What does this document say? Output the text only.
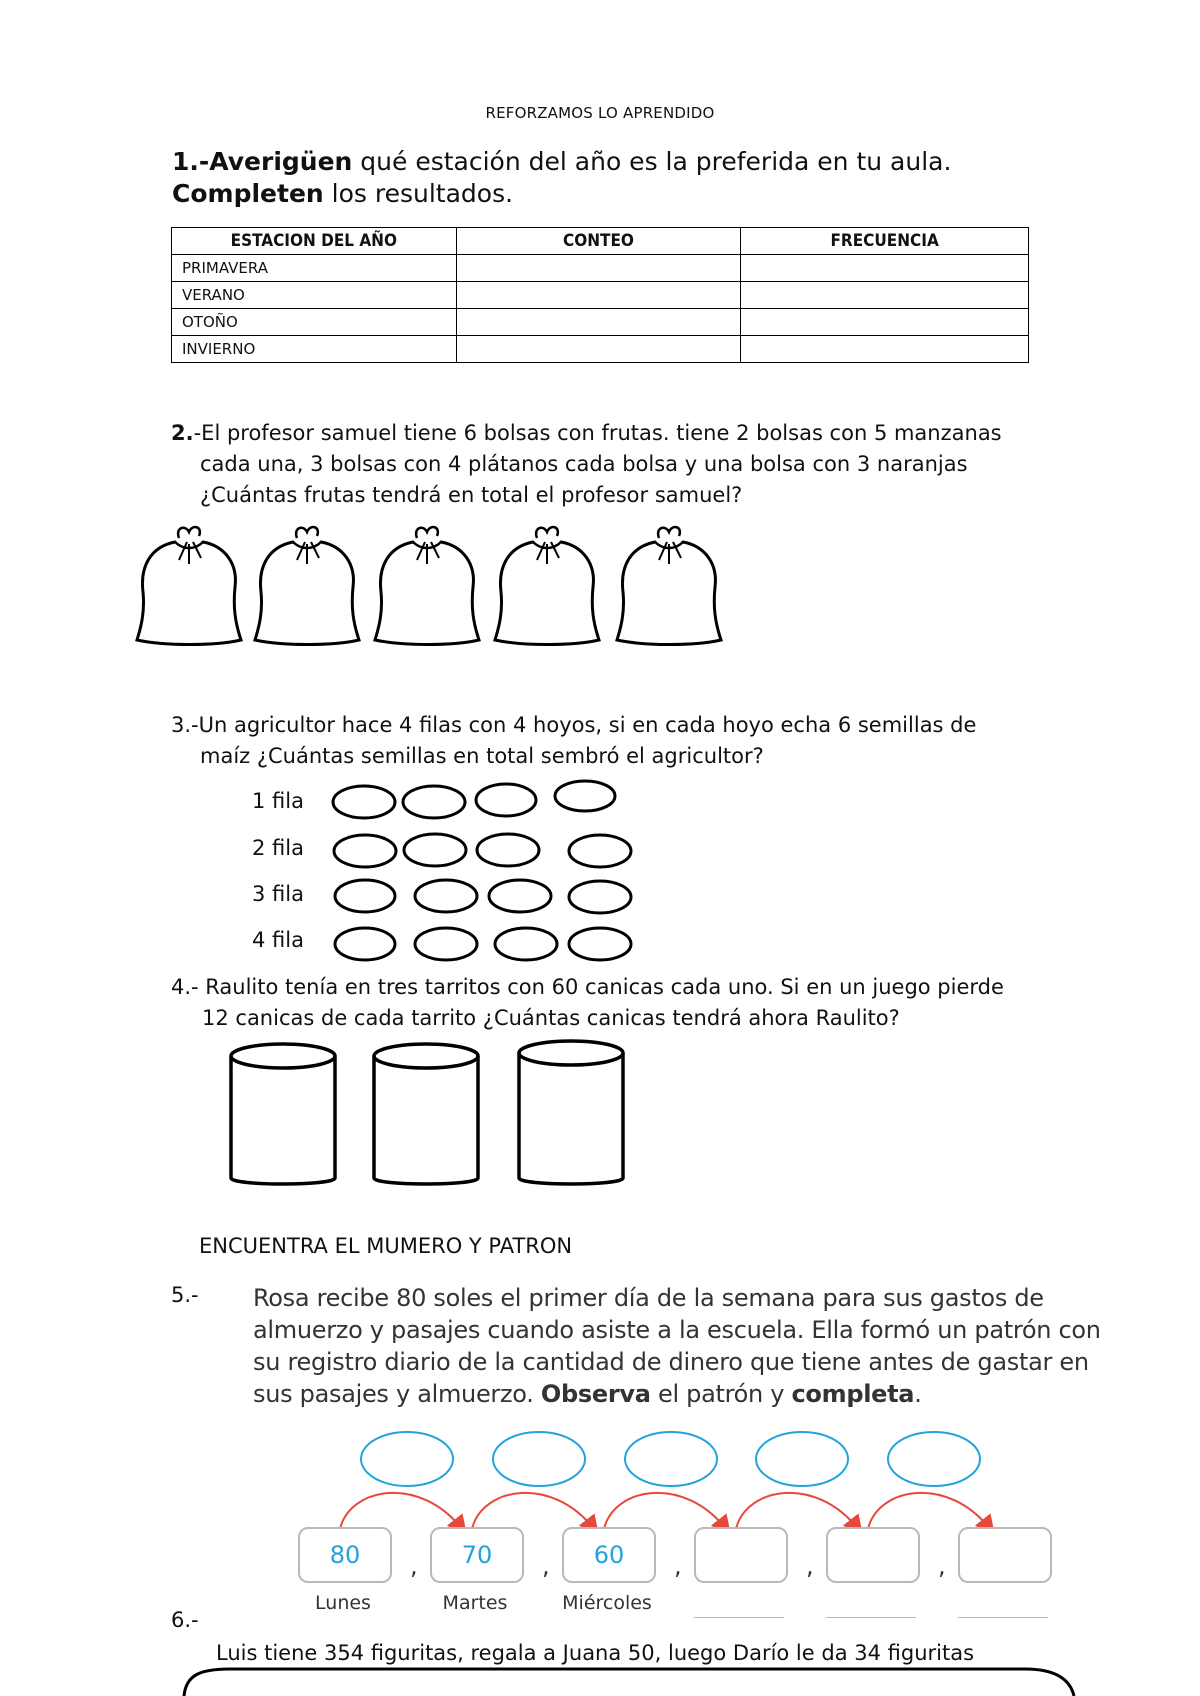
REFORZAMOS LO APRENDIDO
1.-Averigüen qué estación del año es la preferida en tu aula.
Completen los resultados.
ESTACION DEL AÑO	CONTEO	FRECUENCIA
PRIMAVERA		
VERANO		
OTOÑO		
INVIERNO		
2.-El profesor samuel tiene 6 bolsas con frutas. tiene 2 bolsas con 5 manzanas
cada una, 3 bolsas con 4 plátanos cada bolsa y una bolsa con 3 naranjas
¿Cuántas frutas tendrá en total el profesor samuel?
3.-Un agricultor hace 4 filas con 4 hoyos, si en cada hoyo echa 6 semillas de
maíz ¿Cuántas semillas en total sembró el agricultor?
1 fila
2 fila
3 fila
4 fila
4.- Raulito tenía en tres tarritos con 60 canicas cada uno. Si en un juego pierde
12 canicas de cada tarrito ¿Cuántas canicas tendrá ahora Raulito?
ENCUENTRA EL MUMERO Y PATRON
5.- Rosa recibe 80 soles el primer día de la semana para sus gastos de
almuerzo y pasajes cuando asiste a la escuela. Ella formó un patrón con
su registro diario de la cantidad de dinero que tiene antes de gastar en
sus pasajes y almuerzo. Observa el patrón y completa.
80	70	60
,	,	,	,	,
Lunes	Martes	Miércoles
6.-
Luis tiene 354 figuritas, regala a Juana 50, luego Darío le da 34 figuritas
